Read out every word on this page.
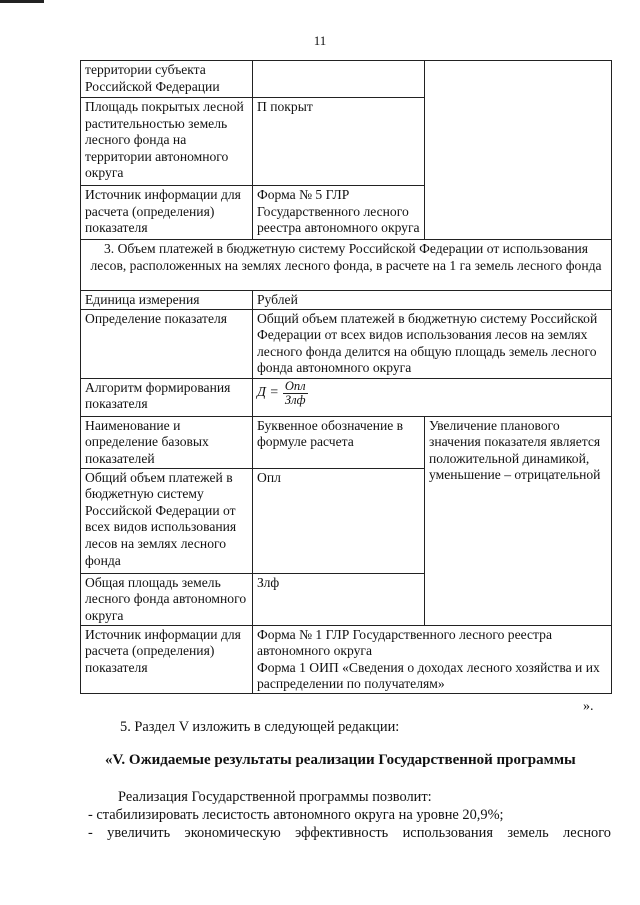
11
территории субъекта Российской Федерации		
Площадь покрытых лесной растительностью земель лесного фонда на территории автономного округа	П покрыт	
Источник информации для расчета (определения) показателя	Форма № 5 ГЛР Государственного лесного реестра автономного округа	
3. Объем платежей в бюджетную систему Российской Федерации от использования лесов, расположенных на землях лесного фонда, в расчете на 1 га земель лесного фонда		
Единица измерения	Рублей	
Определение показателя	Общий объем платежей в бюджетную систему Российской Федерации от всех видов использования лесов на землях лесного фонда делится на общую площадь земель лесного фонда автономного округа	
Алгоритм формирования показателя	$Д = \frac{\text{Опл}}{\text{Злф}}$

Наименование и определение базовых показателей	Буквенное обозначение в формуле расчета	Увеличение планового значения показателя является положительной динамикой, уменьшение – отрицательной
Общий объем платежей в бюджетную систему Российской Федерации от всех видов использования лесов на землях лесного фонда	Опл	
Общая площадь земель лесного фонда автономного округа	Злф	
Источник информации для расчета (определения) показателя	Форма № 1 ГЛР Государственного лесного реестра автономного округа
Форма 1 ОИП «Сведения о доходах лесного хозяйства и их распределении по получателям»	
».
5. Раздел V изложить в следующей редакции:
«V. Ожидаемые результаты реализации Государственной программы
Реализация Государственной программы позволит:
- стабилизировать лесистость автономного округа на уровне 20,9%;
- увеличить экономическую эффективность использования земель лесного
